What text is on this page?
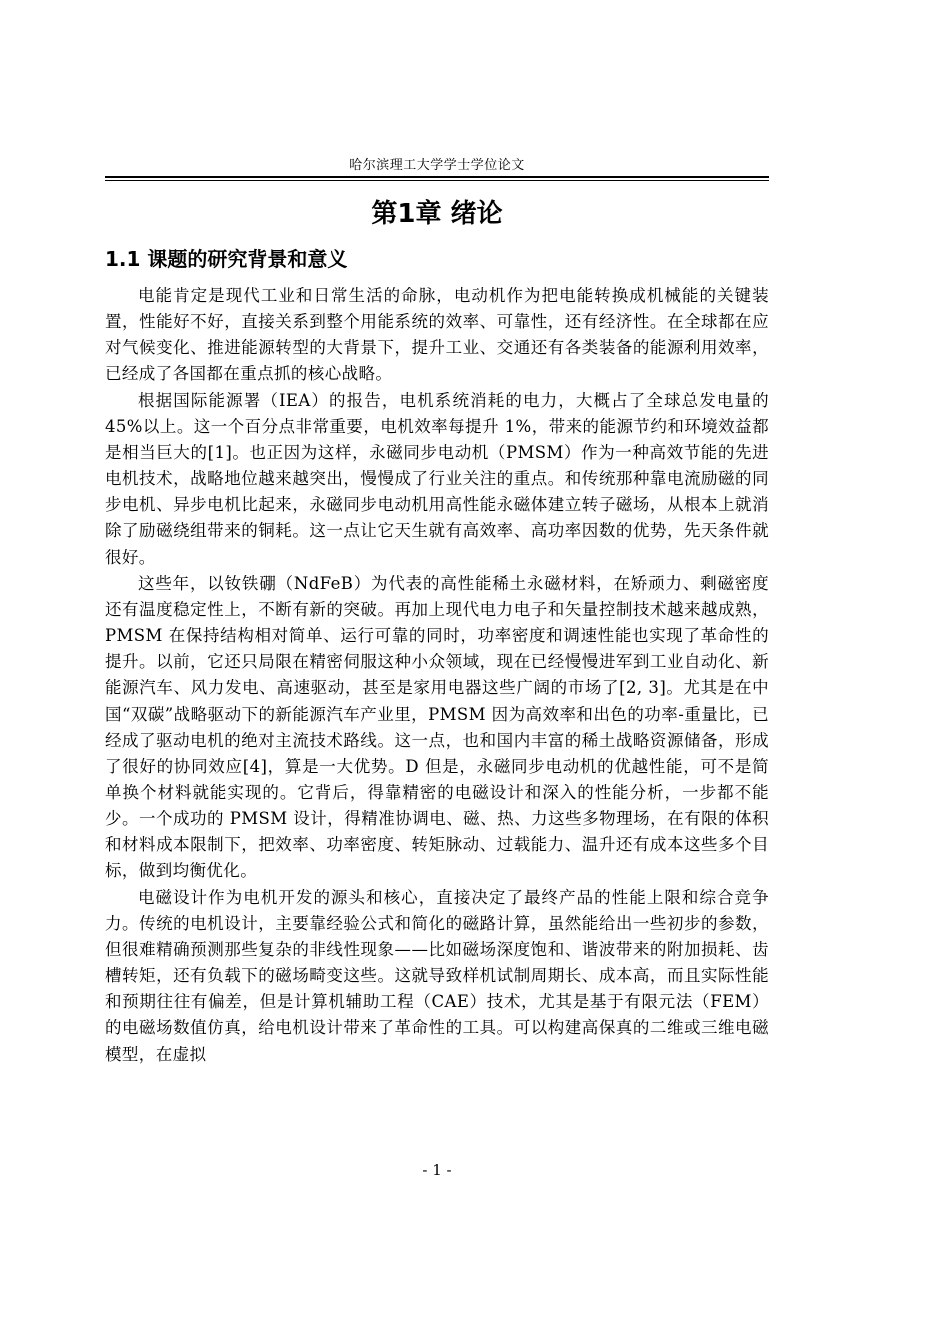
哈尔滨理工大学学士学位论文
第1章 绪论
1.1 课题的研究背景和意义

电能肯定是现代工业和日常生活的命脉，电动机作为把电能转换成机械能的关键装置，性能好不好，直接关系到整个用能系统的效率、可靠性，还有经济性。在全球都在应对气候变化、推进能源转型的大背景下，提升工业、交通还有各类装备的能源利用效率，已经成了各国都在重点抓的核心战略。

根据国际能源署（IEA）的报告，电机系统消耗的电力，大概占了全球总发电量的 45%以上。这一个百分点非常重要，电机效率每提升 1%，带来的能源节约和环境效益都是相当巨大的[1]。也正因为这样，永磁同步电动机（PMSM）作为一种高效节能的先进电机技术，战略地位越来越突出，慢慢成了行业关注的重点。和传统那种靠电流励磁的同步电机、异步电机比起来，永磁同步电动机用高性能永磁体建立转子磁场，从根本上就消除了励磁绕组带来的铜耗。这一点让它天生就有高效率、高功率因数的优势，先天条件就很好。

这些年，以钕铁硼（NdFeB）为代表的高性能稀土永磁材料，在矫顽力、剩磁密度还有温度稳定性上，不断有新的突破。再加上现代电力电子和矢量控制技术越来越成熟，PMSM 在保持结构相对简单、运行可靠的同时，功率密度和调速性能也实现了革命性的提升。以前，它还只局限在精密伺服这种小众领域，现在已经慢慢进军到工业自动化、新能源汽车、风力发电、高速驱动，甚至是家用电器这些广阔的市场了[2, 3]。尤其是在中国“双碳”战略驱动下的新能源汽车产业里，PMSM 因为高效率和出色的功率-重量比，已经成了驱动电机的绝对主流技术路线。这一点，也和国内丰富的稀土战略资源储备，形成了很好的协同效应[4]，算是一大优势。D 但是，永磁同步电动机的优越性能，可不是简单换个材料就能实现的。它背后，得靠精密的电磁设计和深入的性能分析，一步都不能少。一个成功的 PMSM 设计，得精准协调电、磁、热、力这些多物理场，在有限的体积和材料成本限制下，把效率、功率密度、转矩脉动、过载能力、温升还有成本这些多个目标，做到均衡优化。

电磁设计作为电机开发的源头和核心，直接决定了最终产品的性能上限和综合竞争力。传统的电机设计，主要靠经验公式和简化的磁路计算，虽然能给出一些初步的参数，但很难精确预测那些复杂的非线性现象——比如磁场深度饱和、谐波带来的附加损耗、齿槽转矩，还有负载下的磁场畸变这些。这就导致样机试制周期长、成本高，而且实际性能和预期往往有偏差，但是计算机辅助工程（CAE）技术，尤其是基于有限元法（FEM）的电磁场数值仿真，给电机设计带来了革命性的工具。可以构建高保真的二维或三维电磁模型，在虚拟

- 1 -
